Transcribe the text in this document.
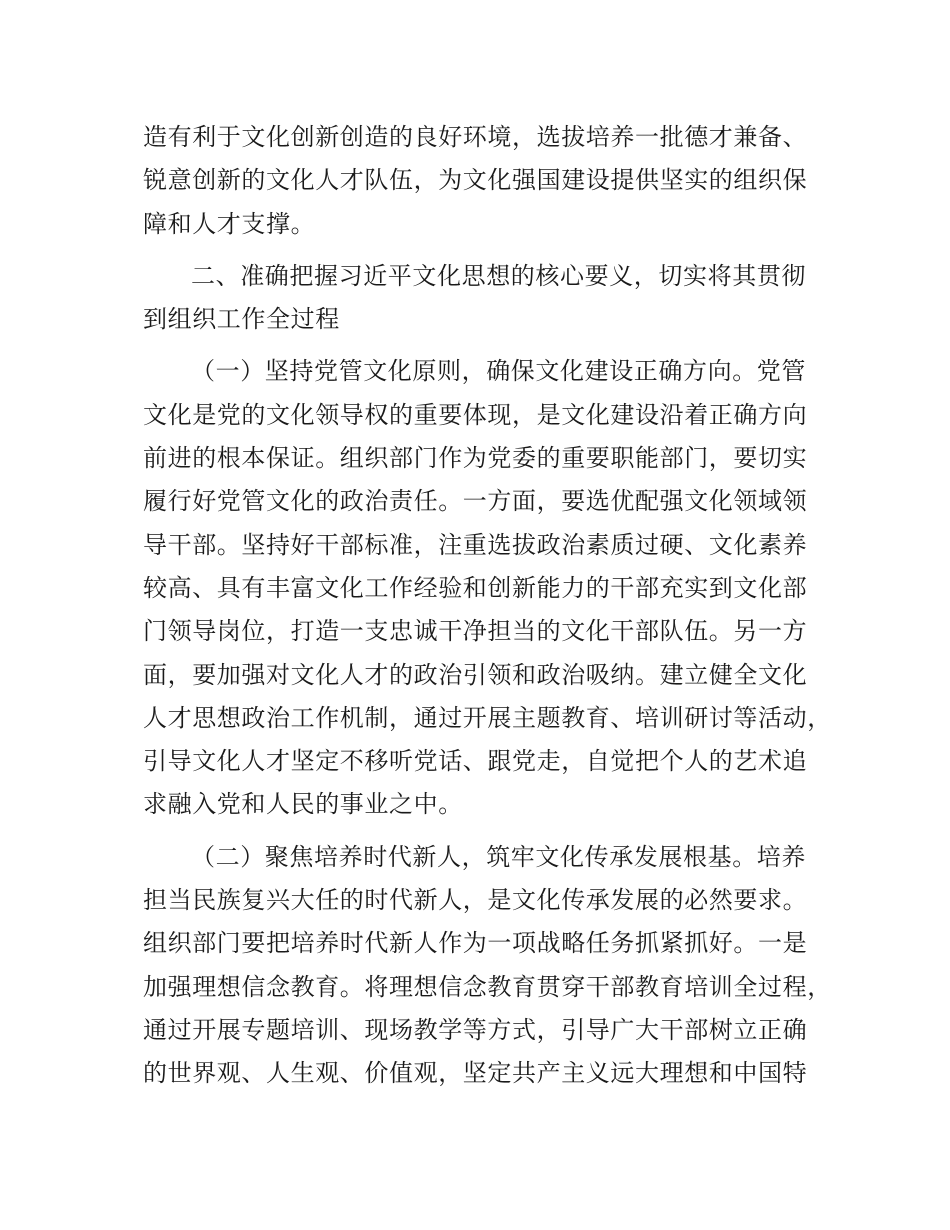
造有利于文化创新创造的良好环境，选拔培养一批德才兼备、
锐意创新的文化人才队伍，为文化强国建设提供坚实的组织保
障和人才支撑。
二、准确把握习近平文化思想的核心要义，切实将其贯彻
到组织工作全过程
（一）坚持党管文化原则，确保文化建设正确方向。党管
文化是党的文化领导权的重要体现，是文化建设沿着正确方向
前进的根本保证。组织部门作为党委的重要职能部门，要切实
履行好党管文化的政治责任。一方面，要选优配强文化领域领
导干部。坚持好干部标准，注重选拔政治素质过硬、文化素养
较高、具有丰富文化工作经验和创新能力的干部充实到文化部
门领导岗位，打造一支忠诚干净担当的文化干部队伍。另一方
面，要加强对文化人才的政治引领和政治吸纳。建立健全文化
人才思想政治工作机制，通过开展主题教育、培训研讨等活动，
引导文化人才坚定不移听党话、跟党走，自觉把个人的艺术追
求融入党和人民的事业之中。
（二）聚焦培养时代新人，筑牢文化传承发展根基。培养
担当民族复兴大任的时代新人，是文化传承发展的必然要求。
组织部门要把培养时代新人作为一项战略任务抓紧抓好。一是
加强理想信念教育。将理想信念教育贯穿干部教育培训全过程，
通过开展专题培训、现场教学等方式，引导广大干部树立正确
的世界观、人生观、价值观，坚定共产主义远大理想和中国特
